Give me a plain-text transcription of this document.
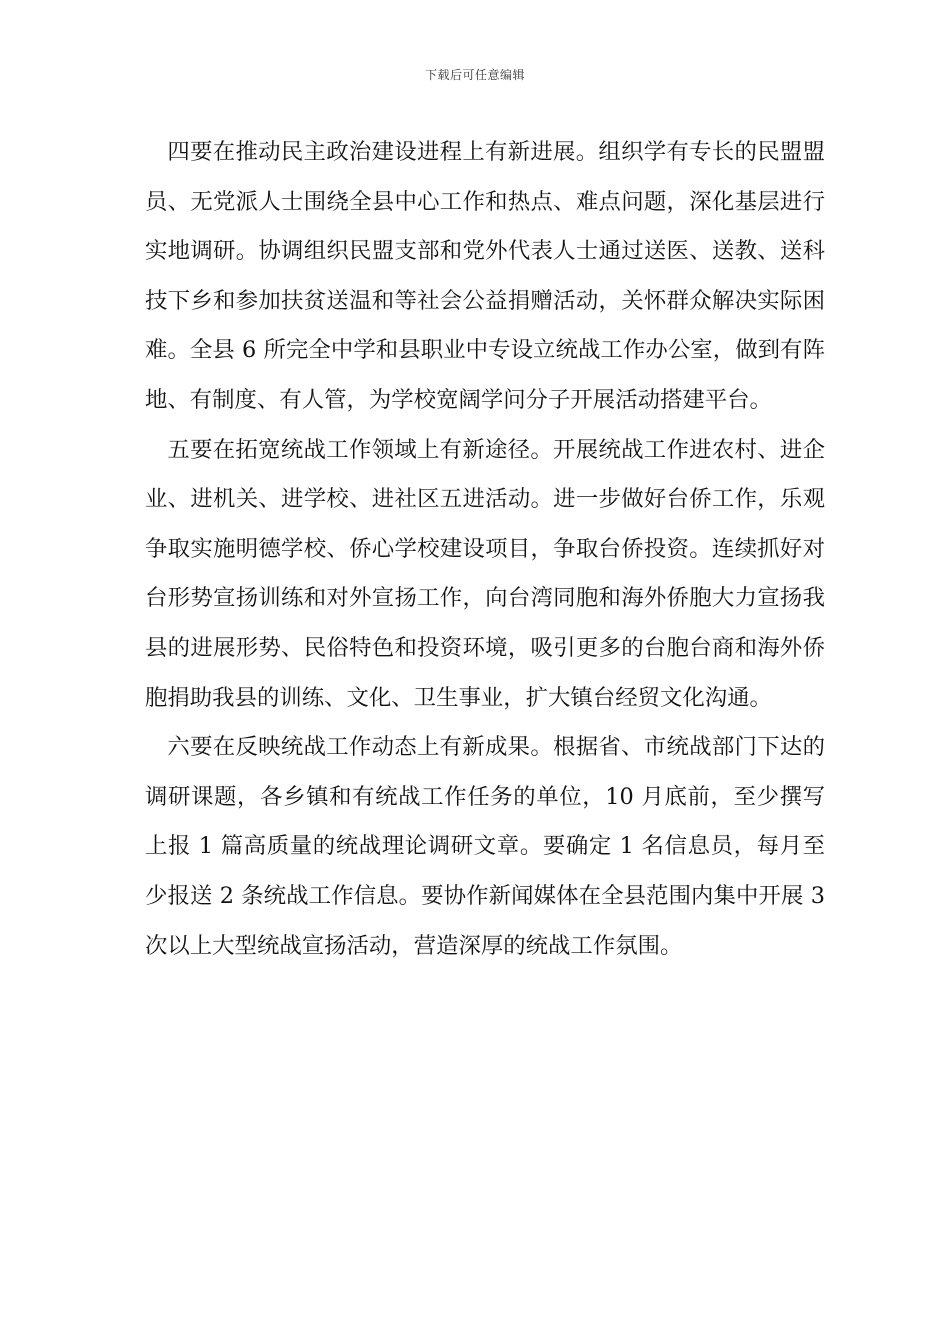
下载后可任意编辑

四要在推动民主政治建设进程上有新进展。组织学有专长的民盟盟员、无党派人士围绕全县中心工作和热点、难点问题，深化基层进行实地调研。协调组织民盟支部和党外代表人士通过送医、送教、送科技下乡和参加扶贫送温和等社会公益捐赠活动，关怀群众解决实际困难。全县 6 所完全中学和县职业中专设立统战工作办公室，做到有阵地、有制度、有人管，为学校宽阔学问分子开展活动搭建平台。

五要在拓宽统战工作领域上有新途径。开展统战工作进农村、进企业、进机关、进学校、进社区五进活动。进一步做好台侨工作，乐观争取实施明德学校、侨心学校建设项目，争取台侨投资。连续抓好对台形势宣扬训练和对外宣扬工作，向台湾同胞和海外侨胞大力宣扬我县的进展形势、民俗特色和投资环境，吸引更多的台胞台商和海外侨胞捐助我县的训练、文化、卫生事业，扩大镇台经贸文化沟通。

六要在反映统战工作动态上有新成果。根据省、市统战部门下达的调研课题，各乡镇和有统战工作任务的单位，10 月底前，至少撰写上报 1 篇高质量的统战理论调研文章。要确定 1 名信息员，每月至少报送 2 条统战工作信息。要协作新闻媒体在全县范围内集中开展 3 次以上大型统战宣扬活动，营造深厚的统战工作氛围。
